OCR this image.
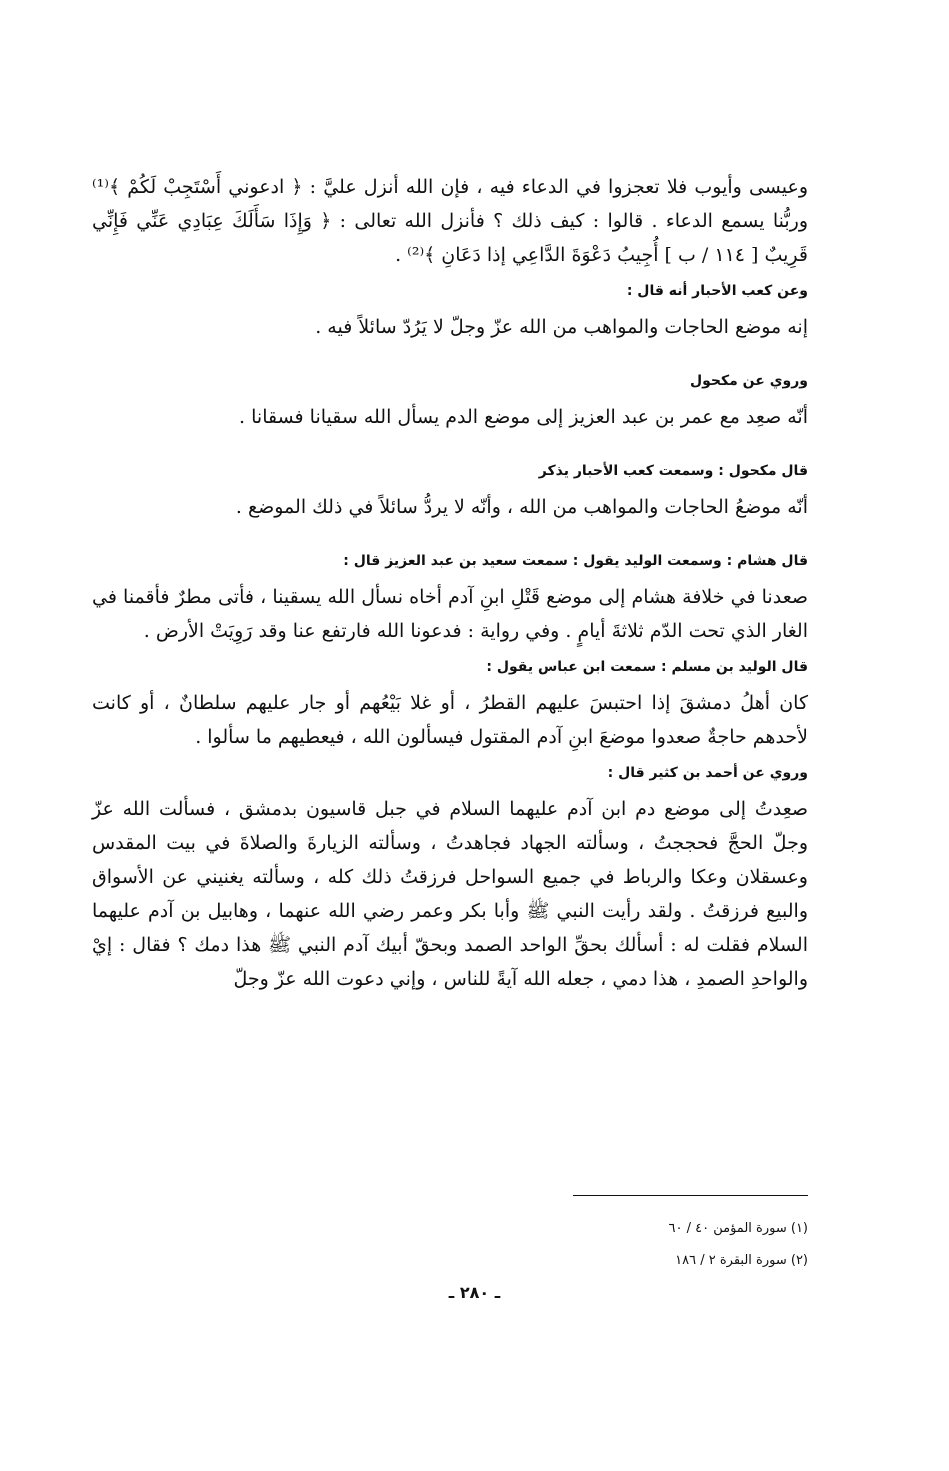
وعيسى وأيوب فلا تعجزوا في الدعاء فيه ، فإن الله أنزل عليَّ : ﴿ ادعوني أَسْتَجِبْ لَكُمْ ﴾⁽¹⁾ وربُّنا يسمع الدعاء . قالوا : كيف ذلك ؟ فأنزل الله تعالى : ﴿ وَإِذَا سَأَلَكَ عِبَادِي عَنِّي فَإِنِّي قَرِيبٌ [ ١١٤ / ب ] أُجِيبُ دَعْوَةَ الدَّاعِي إذا دَعَانِ ﴾⁽²⁾ .

وعن كعب الأحبار أنه قال :

إنه موضع الحاجات والمواهب من الله عزّ وجلّ لا يَرُدّ سائلاً فيه .

وروي عن مكحول

أنّه صعِد مع عمر بن عبد العزيز إلى موضع الدم يسأل الله سقيانا فسقانا .

قال مكحول : وسمعت كعب الأحبار يذكر

أنّه موضعُ الحاجات والمواهب من الله ، وأنّه لا يردُّ سائلاً في ذلك الموضع .

قال هشام : وسمعت الوليد يقول : سمعت سعيد بن عبد العزيز قال :

صعدنا في خلافة هشام إلى موضع قَتْلِ ابنِ آدم أخاه نسأل الله يسقينا ، فأتى مطرٌ فأقمنا في الغار الذي تحت الدّم ثلاثةَ أيامٍ . وفي رواية : فدعونا الله فارتفع عنا وقد رَوِيَتْ الأرض .

قال الوليد بن مسلم : سمعت ابن عباس يقول :

كان أهلُ دمشقَ إذا احتبسَ عليهم القطرُ ، أو غلا بَيْعُهم أو جار عليهم سلطانٌ ، أو كانت لأحدهم حاجةٌ صعدوا موضعَ ابنِ آدم المقتول فيسألون الله ، فيعطيهم ما سألوا .

وروي عن أحمد بن كثير قال :

صعِدتُ إلى موضع دم ابن آدم عليهما السلام في جبل قاسيون بدمشق ، فسألت الله عزّ وجلّ الحجَّ فحججتُ ، وسألته الجهاد فجاهدتُ ، وسألته الزيارةَ والصلاةَ في بيت المقدس وعسقلان وعكا والرباط في جميع السواحل فرزقتُ ذلك كله ، وسألته يغنيني عن الأسواق والبيع فرزقتُ . ولقد رأيت النبي ﷺ وأبا بكر وعمر رضي الله عنهما ، وهابيل بن آدم عليهما السلام فقلت له : أسألك بحقِّ الواحد الصمد وبحقّ أبيك آدم النبي ﷺ هذا دمك ؟ فقال : إيْ والواحدِ الصمدِ ، هذا دمي ، جعله الله آيةً للناس ، وإني دعوت الله عزّ وجلّ

(١) سورة المؤمن ٤٠ / ٦٠
(٢) سورة البقرة ٢ / ١٨٦
ـ ٢٨٠ ـ
